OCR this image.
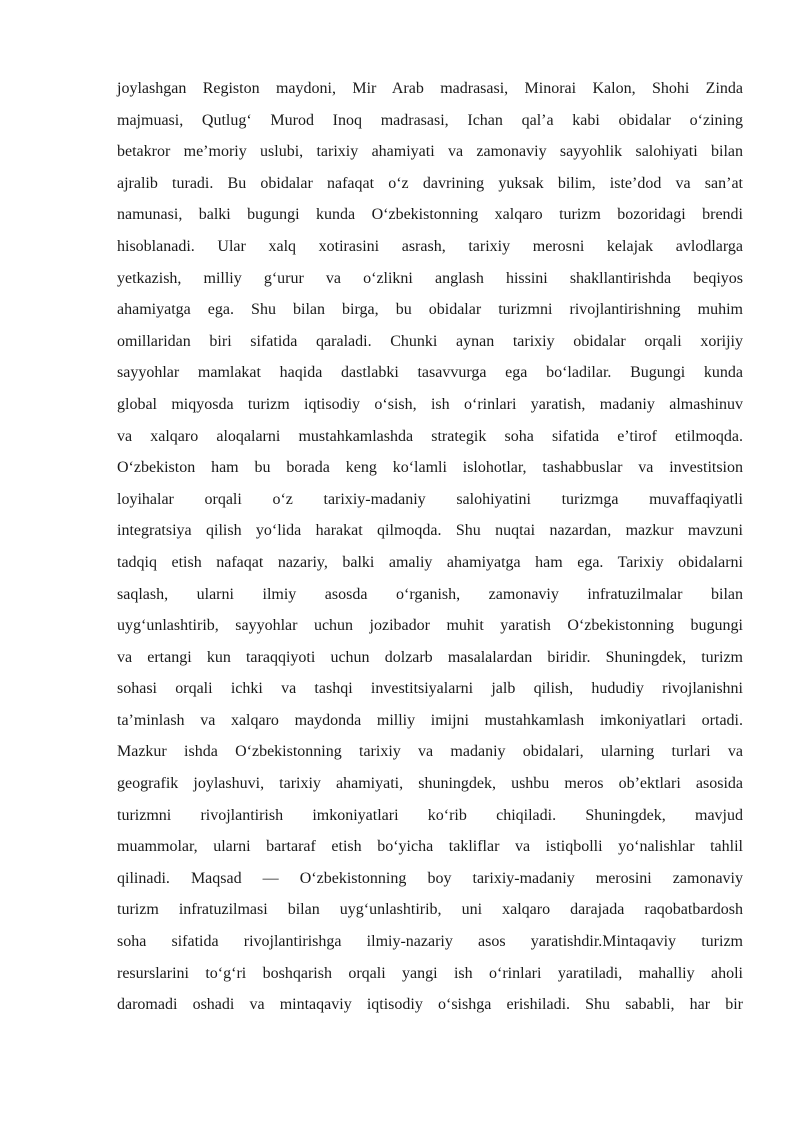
joylashgan Registon maydoni, Mir Arab madrasasi, Minorai Kalon, Shohi Zinda
majmuasi, Qutlug‘ Murod Inoq madrasasi, Ichan qal’a kabi obidalar o‘zining
betakror me’moriy uslubi, tarixiy ahamiyati va zamonaviy sayyohlik salohiyati bilan
ajralib turadi. Bu obidalar nafaqat o‘z davrining yuksak bilim, iste’dod va san’at
namunasi, balki bugungi kunda O‘zbekistonning xalqaro turizm bozoridagi brendi
hisoblanadi. Ular xalq xotirasini asrash, tarixiy merosni kelajak avlodlarga
yetkazish, milliy g‘urur va o‘zlikni anglash hissini shakllantirishda beqiyos
ahamiyatga ega. Shu bilan birga, bu obidalar turizmni rivojlantirishning muhim
omillaridan biri sifatida qaraladi. Chunki aynan tarixiy obidalar orqali xorijiy
sayyohlar mamlakat haqida dastlabki tasavvurga ega bo‘ladilar. Bugungi kunda
global miqyosda turizm iqtisodiy o‘sish, ish o‘rinlari yaratish, madaniy almashinuv
va xalqaro aloqalarni mustahkamlashda strategik soha sifatida e’tirof etilmoqda.
O‘zbekiston ham bu borada keng ko‘lamli islohotlar, tashabbuslar va investitsion
loyihalar orqali o‘z tarixiy-madaniy salohiyatini turizmga muvaffaqiyatli
integratsiya qilish yo‘lida harakat qilmoqda. Shu nuqtai nazardan, mazkur mavzuni
tadqiq etish nafaqat nazariy, balki amaliy ahamiyatga ham ega. Tarixiy obidalarni
saqlash, ularni ilmiy asosda o‘rganish, zamonaviy infratuzilmalar bilan
uyg‘unlashtirib, sayyohlar uchun jozibador muhit yaratish O‘zbekistonning bugungi
va ertangi kun taraqqiyoti uchun dolzarb masalalardan biridir. Shuningdek, turizm
sohasi orqali ichki va tashqi investitsiyalarni jalb qilish, hududiy rivojlanishni
ta’minlash va xalqaro maydonda milliy imijni mustahkamlash imkoniyatlari ortadi.
Mazkur ishda O‘zbekistonning tarixiy va madaniy obidalari, ularning turlari va
geografik joylashuvi, tarixiy ahamiyati, shuningdek, ushbu meros ob’ektlari asosida
turizmni rivojlantirish imkoniyatlari ko‘rib chiqiladi. Shuningdek, mavjud
muammolar, ularni bartaraf etish bo‘yicha takliflar va istiqbolli yo‘nalishlar tahlil
qilinadi. Maqsad — O‘zbekistonning boy tarixiy-madaniy merosini zamonaviy
turizm infratuzilmasi bilan uyg‘unlashtirib, uni xalqaro darajada raqobatbardosh
soha sifatida rivojlantirishga ilmiy-nazariy asos yaratishdir.Mintaqaviy turizm
resurslarini to‘g‘ri boshqarish orqali yangi ish o‘rinlari yaratiladi, mahalliy aholi
daromadi oshadi va mintaqaviy iqtisodiy o‘sishga erishiladi. Shu sababli, har bir
